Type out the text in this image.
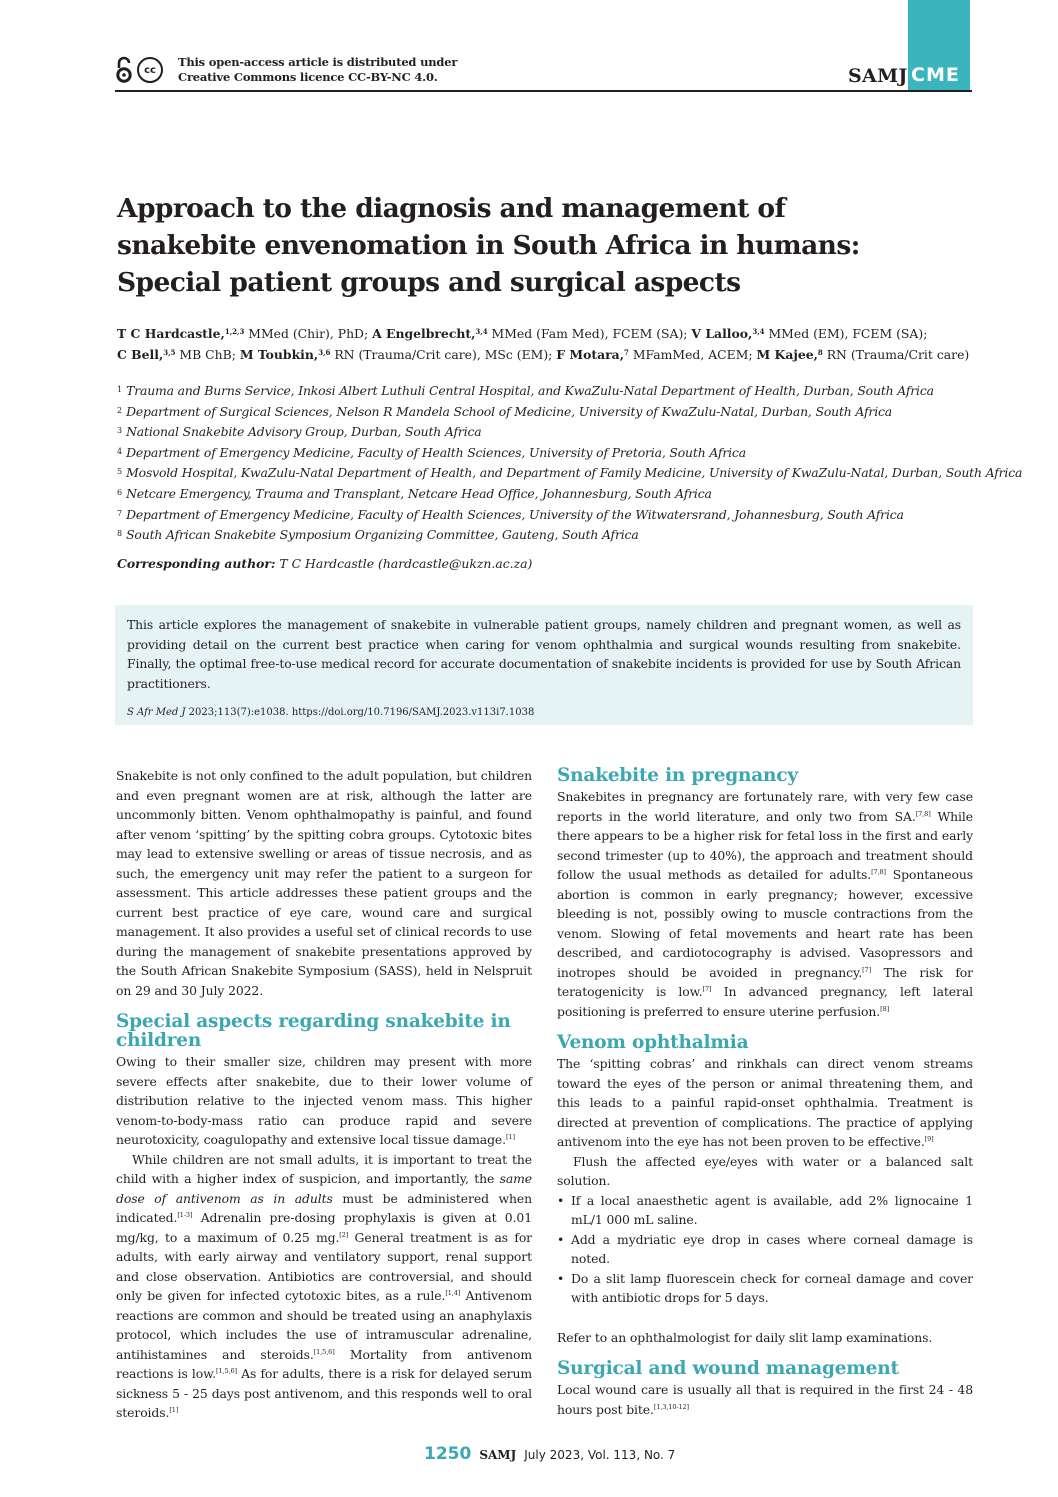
cc
This open-access article is distributed under
Creative Commons licence CC-BY-NC 4.0.	SAMJ CME
Approach to the diagnosis and management of snakebite envenomation in South Africa in humans: Special patient groups and surgical aspects
T C Hardcastle,$^{1,2,3}$ MMed (Chir), PhD; A Engelbrecht,$^{3,4}$ MMed (Fam Med), FCEM (SA); V Lalloo,$^{3,4}$ MMed (EM), FCEM (SA);
C Bell,$^{3,5}$ MB ChB; M Toubkin,$^{3,6}$ RN (Trauma/Crit care), MSc (EM); F Motara,$^7$ MFamMed, ACEM; M Kajee,$^8$ RN (Trauma/Crit care)
$^1$ Trauma and Burns Service, Inkosi Albert Luthuli Central Hospital, and KwaZulu-Natal Department of Health, Durban, South Africa
$^2$ Department of Surgical Sciences, Nelson R Mandela School of Medicine, University of KwaZulu-Natal, Durban, South Africa
$^3$ National Snakebite Advisory Group, Durban, South Africa
$^4$ Department of Emergency Medicine, Faculty of Health Sciences, University of Pretoria, South Africa
$^5$ Mosvold Hospital, KwaZulu-Natal Department of Health, and Department of Family Medicine, University of KwaZulu-Natal, Durban, South Africa
$^6$ Netcare Emergency, Trauma and Transplant, Netcare Head Office, Johannesburg, South Africa
$^7$ Department of Emergency Medicine, Faculty of Health Sciences, University of the Witwatersrand, Johannesburg, South Africa
$^8$ South African Snakebite Symposium Organizing Committee, Gauteng, South Africa
Corresponding author: T C Hardcastle (hardcastle@ukzn.ac.za)

This article explores the management of snakebite in vulnerable patient groups, namely children and pregnant women, as well as providing detail on the current best practice when caring for venom ophthalmia and surgical wounds resulting from snakebite. Finally, the optimal free-to-use medical record for accurate documentation of snakebite incidents is provided for use by South African practitioners.

S Afr Med J 2023;113(7):e1038. https://doi.org/10.7196/SAMJ.2023.v113i7.1038

Snakebite is not only confined to the adult population, but children and even pregnant women are at risk, although the latter are uncommonly bitten. Venom ophthalmopathy is painful, and found after venom ‘spitting’ by the spitting cobra groups. Cytotoxic bites may lead to extensive swelling or areas of tissue necrosis, and as such, the emergency unit may refer the patient to a surgeon for assessment. This article addresses these patient groups and the current best practice of eye care, wound care and surgical management. It also provides a useful set of clinical records to use during the management of snakebite presentations approved by the South African Snakebite Symposium (SASS), held in Nelspruit on 29 and 30 July 2022.

Special aspects regarding snakebite in children

Owing to their smaller size, children may present with more severe effects after snakebite, due to their lower volume of distribution relative to the injected venom mass. This higher venom-to-body-mass ratio can produce rapid and severe neurotoxicity, coagulopathy and extensive local tissue damage.[1]

While children are not small adults, it is important to treat the child with a higher index of suspicion, and importantly, the same dose of antivenom as in adults must be administered when indicated.[1-3] Adrenalin pre-dosing prophylaxis is given at 0.01 mg/kg, to a maximum of 0.25 mg.[2] General treatment is as for adults, with early airway and ventilatory support, renal support and close observation. Antibiotics are controversial, and should only be given for infected cytotoxic bites, as a rule.[1,4] Antivenom reactions are common and should be treated using an anaphylaxis protocol, which includes the use of intramuscular adrenaline, antihistamines and steroids.[1,5,6] Mortality from antivenom reactions is low.[1,5,6] As for adults, there is a risk for delayed serum sickness 5 - 25 days post antivenom, and this responds well to oral steroids.[1]

Snakebite in pregnancy

Snakebites in pregnancy are fortunately rare, with very few case reports in the world literature, and only two from SA.[7,8] While there appears to be a higher risk for fetal loss in the first and early second trimester (up to 40%), the approach and treatment should follow the usual methods as detailed for adults.[7,8] Spontaneous abortion is common in early pregnancy; however, excessive bleeding is not, possibly owing to muscle contractions from the venom. Slowing of fetal movements and heart rate has been described, and cardiotocography is advised. Vasopressors and inotropes should be avoided in pregnancy.[7] The risk for teratogenicity is low.[7] In advanced pregnancy, left lateral positioning is preferred to ensure uterine perfusion.[8]

Venom ophthalmia

The ‘spitting cobras’ and rinkhals can direct venom streams toward the eyes of the person or animal threatening them, and this leads to a painful rapid-onset ophthalmia. Treatment is directed at prevention of complications. The practice of applying antivenom into the eye has not been proven to be effective.[9]

Flush the affected eye/eyes with water or a balanced salt solution.

• If a local anaesthetic agent is available, add 2% lignocaine 1 mL/1 000 mL saline.
• Add a mydriatic eye drop in cases where corneal damage is noted.
• Do a slit lamp fluorescein check for corneal damage and cover with antibiotic drops for 5 days.

Refer to an ophthalmologist for daily slit lamp examinations.

Surgical and wound management

Local wound care is usually all that is required in the first 24 - 48 hours post bite.[1,3,10-12]

1250 SAMJ July 2023, Vol. 113, No. 7
